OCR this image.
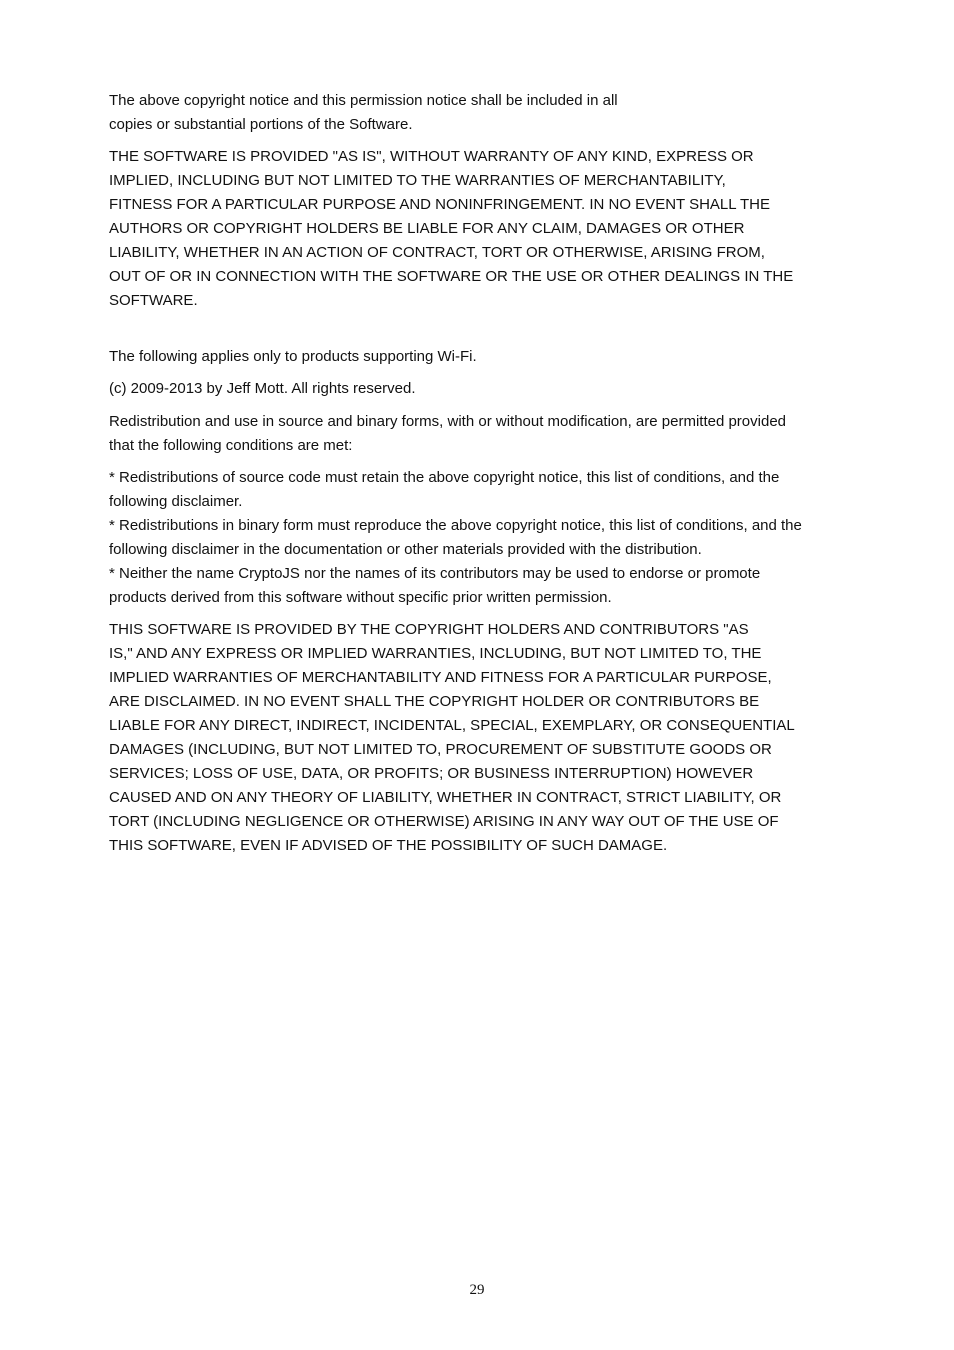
The above copyright notice and this permission notice shall be included in all
copies or substantial portions of the Software.

THE SOFTWARE IS PROVIDED "AS IS", WITHOUT WARRANTY OF ANY KIND, EXPRESS OR
IMPLIED, INCLUDING BUT NOT LIMITED TO THE WARRANTIES OF MERCHANTABILITY,
FITNESS FOR A PARTICULAR PURPOSE AND NONINFRINGEMENT. IN NO EVENT SHALL THE
AUTHORS OR COPYRIGHT HOLDERS BE LIABLE FOR ANY CLAIM, DAMAGES OR OTHER
LIABILITY, WHETHER IN AN ACTION OF CONTRACT, TORT OR OTHERWISE, ARISING FROM,
OUT OF OR IN CONNECTION WITH THE SOFTWARE OR THE USE OR OTHER DEALINGS IN THE
SOFTWARE.

The following applies only to products supporting Wi-Fi.

(c) 2009-2013 by Jeff Mott. All rights reserved.

Redistribution and use in source and binary forms, with or without modification, are permitted provided
that the following conditions are met:

* Redistributions of source code must retain the above copyright notice, this list of conditions, and the
following disclaimer.
* Redistributions in binary form must reproduce the above copyright notice, this list of conditions, and the
following disclaimer in the documentation or other materials provided with the distribution.
* Neither the name CryptoJS nor the names of its contributors may be used to endorse or promote
products derived from this software without specific prior written permission.

THIS SOFTWARE IS PROVIDED BY THE COPYRIGHT HOLDERS AND CONTRIBUTORS "AS
IS," AND ANY EXPRESS OR IMPLIED WARRANTIES, INCLUDING, BUT NOT LIMITED TO, THE
IMPLIED WARRANTIES OF MERCHANTABILITY AND FITNESS FOR A PARTICULAR PURPOSE,
ARE DISCLAIMED. IN NO EVENT SHALL THE COPYRIGHT HOLDER OR CONTRIBUTORS BE
LIABLE FOR ANY DIRECT, INDIRECT, INCIDENTAL, SPECIAL, EXEMPLARY, OR CONSEQUENTIAL
DAMAGES (INCLUDING, BUT NOT LIMITED TO, PROCUREMENT OF SUBSTITUTE GOODS OR
SERVICES; LOSS OF USE, DATA, OR PROFITS; OR BUSINESS INTERRUPTION) HOWEVER
CAUSED AND ON ANY THEORY OF LIABILITY, WHETHER IN CONTRACT, STRICT LIABILITY, OR
TORT (INCLUDING NEGLIGENCE OR OTHERWISE) ARISING IN ANY WAY OUT OF THE USE OF
THIS SOFTWARE, EVEN IF ADVISED OF THE POSSIBILITY OF SUCH DAMAGE.

29
